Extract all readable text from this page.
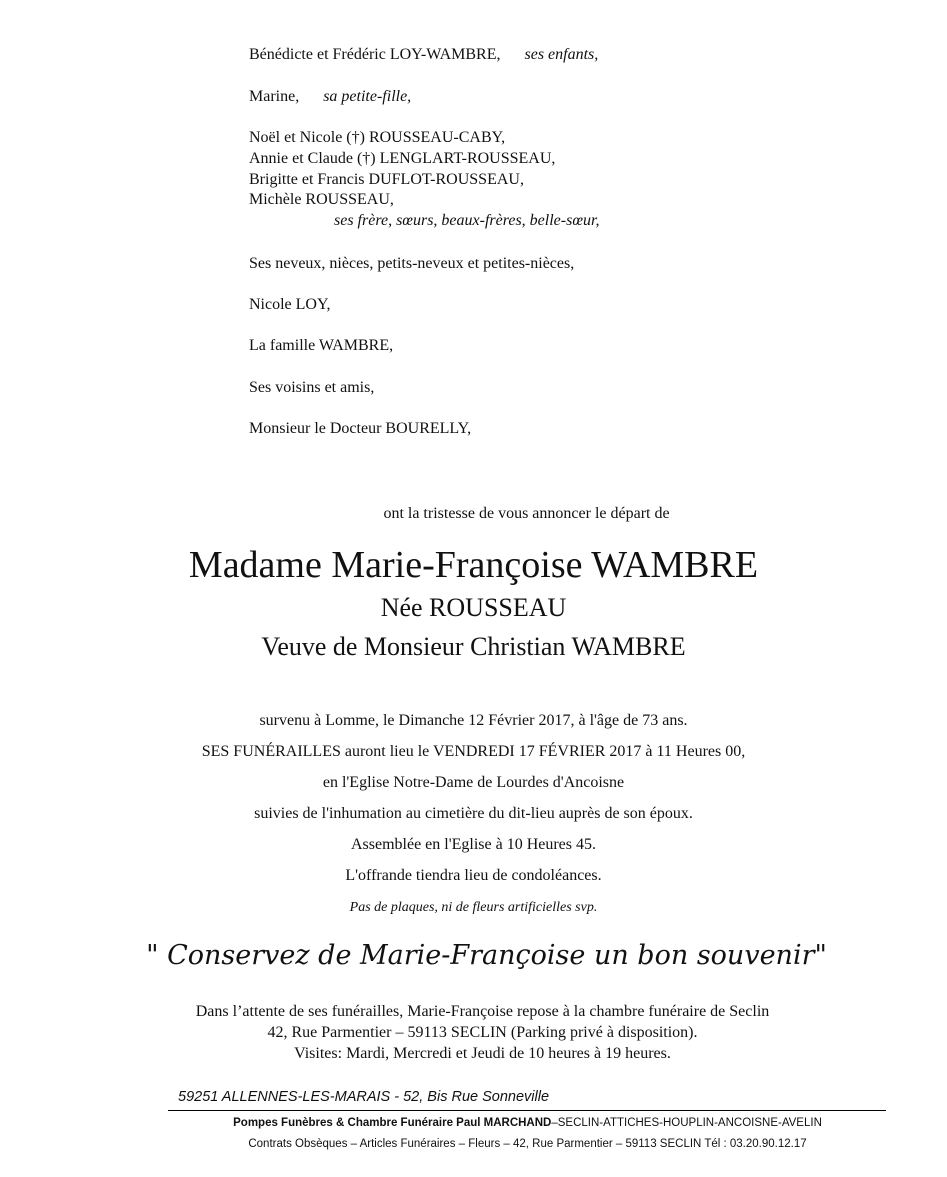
Bénédicte et Frédéric LOY-WAMBRE, ses enfants,
Marine, sa petite-fille,
Noël et Nicole (†) ROUSSEAU-CABY,
Annie et Claude (†) LENGLART-ROUSSEAU,
Brigitte et Francis DUFLOT-ROUSSEAU,
Michèle ROUSSEAU,
ses frère, sœurs, beaux-frères, belle-sœur,
Ses neveux, nièces, petits-neveux et petites-nièces,
Nicole LOY,
La famille WAMBRE,
Ses voisins et amis,
Monsieur le Docteur BOURELLY,
ont la tristesse de vous annoncer le départ de
Madame Marie-Françoise WAMBRE
Née ROUSSEAU
Veuve de Monsieur Christian WAMBRE
survenu à Lomme, le Dimanche 12 Février 2017, à l'âge de 73 ans.
SES FUNÉRAILLES auront lieu le VENDREDI 17 FÉVRIER 2017 à 11 Heures 00,
en l'Eglise Notre-Dame de Lourdes d'Ancoisne
suivies de l'inhumation au cimetière du dit-lieu auprès de son époux.
Assemblée en l'Eglise à 10 Heures 45.
L'offrande tiendra lieu de condoléances.
Pas de plaques, ni de fleurs artificielles svp.
" Conservez de Marie-Françoise un bon souvenir"
Dans l’attente de ses funérailles, Marie-Françoise repose à la chambre funéraire de Seclin
42, Rue Parmentier – 59113 SECLIN (Parking privé à disposition).
Visites: Mardi, Mercredi et Jeudi de 10 heures à 19 heures.
59251 ALLENNES-LES-MARAIS - 52, Bis Rue Sonneville
Pompes Funèbres & Chambre Funéraire Paul MARCHAND–SECLIN-ATTICHES-HOUPLIN-ANCOISNE-AVELIN
Contrats Obsèques – Articles Funéraires – Fleurs – 42, Rue Parmentier – 59113 SECLIN Tél : 03.20.90.12.17
